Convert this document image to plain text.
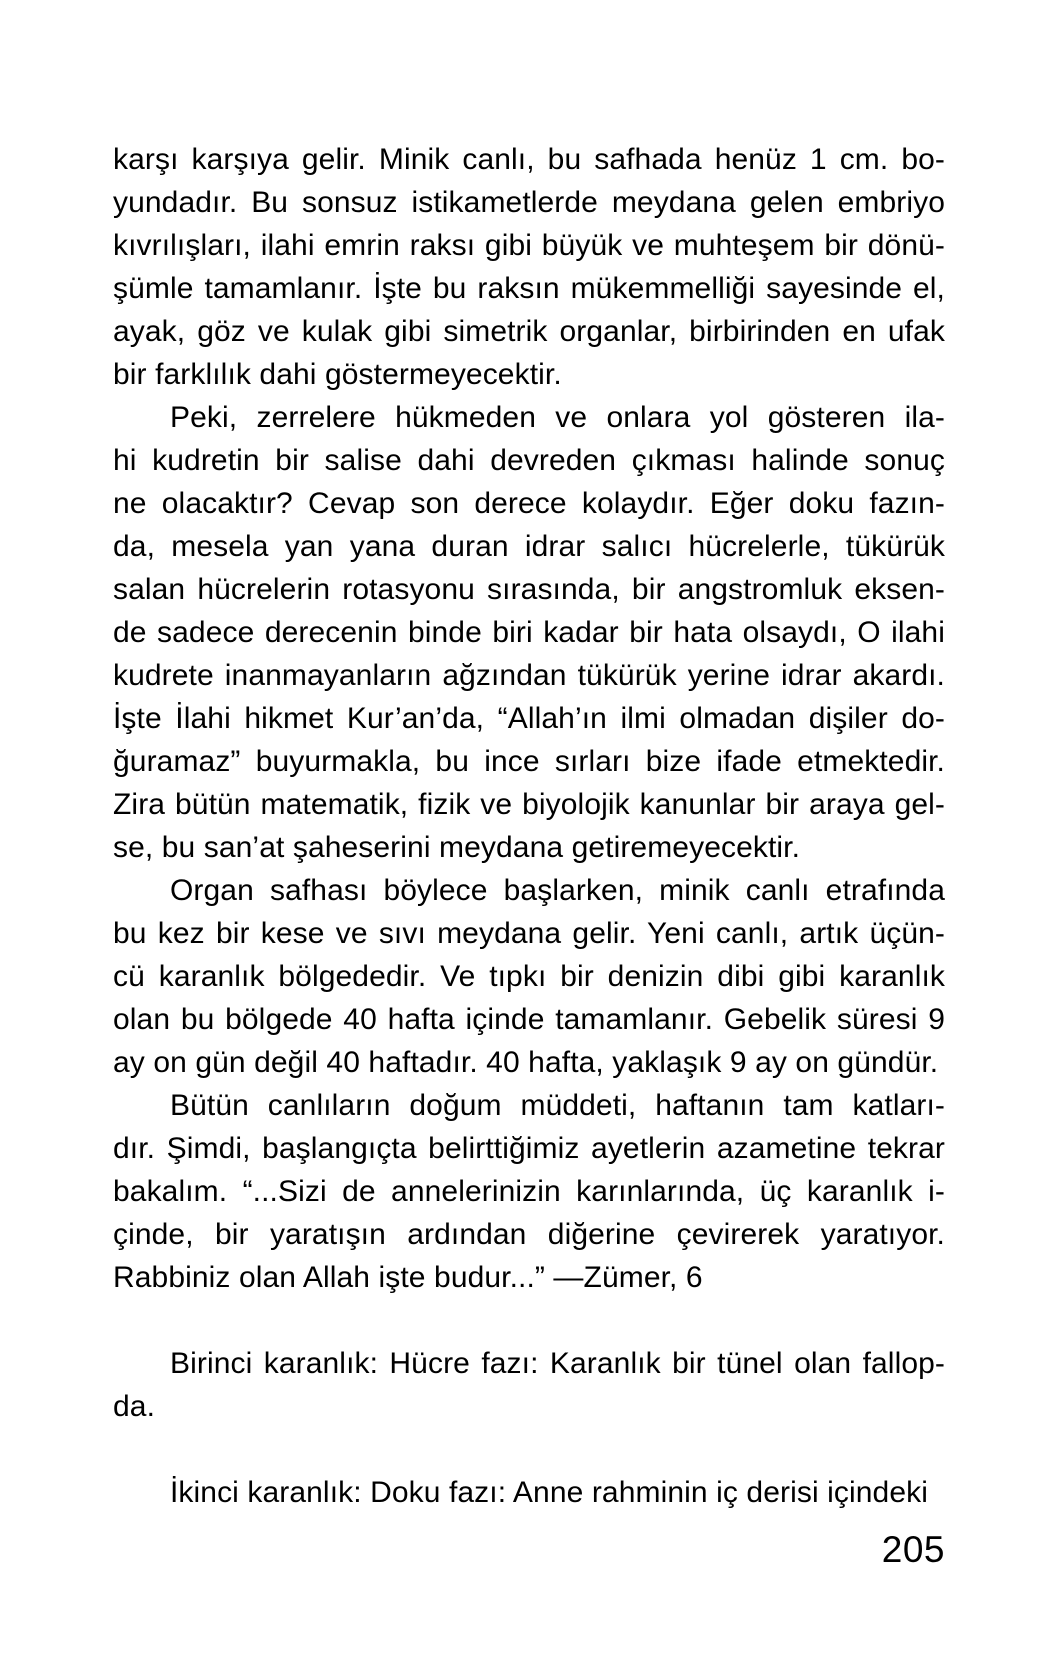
karşı karşıya gelir. Minik canlı, bu safhada henüz 1 cm. bo-
yundadır. Bu sonsuz istikametlerde meydana gelen embriyo
kıvrılışları, ilahi emrin raksı gibi büyük ve muhteşem bir dönü-
şümle tamamlanır. İşte bu raksın mükemmelliği sayesinde el,
ayak, göz ve kulak gibi simetrik organlar, birbirinden en ufak
bir farklılık dahi göstermeyecektir.
Peki, zerrelere hükmeden ve onlara yol gösteren ila-
hi kudretin bir salise dahi devreden çıkması halinde sonuç
ne olacaktır? Cevap son derece kolaydır. Eğer doku fazın-
da, mesela yan yana duran idrar salıcı hücrelerle, tükürük
salan hücrelerin rotasyonu sırasında, bir angstromluk eksen-
de sadece derecenin binde biri kadar bir hata olsaydı, O ilahi
kudrete inanmayanların ağzından tükürük yerine idrar akardı.
İşte İlahi hikmet Kur’an’da, “Allah’ın ilmi olmadan dişiler do-
ğuramaz” buyurmakla, bu ince sırları bize ifade etmektedir.
Zira bütün matematik, fizik ve biyolojik kanunlar bir araya gel-
se, bu san’at şaheserini meydana getiremeyecektir.
Organ safhası böylece başlarken, minik canlı etrafında
bu kez bir kese ve sıvı meydana gelir. Yeni canlı, artık üçün-
cü karanlık bölgededir. Ve tıpkı bir denizin dibi gibi karanlık
olan bu bölgede 40 hafta içinde tamamlanır. Gebelik süresi 9
ay on gün değil 40 haftadır. 40 hafta, yaklaşık 9 ay on gündür.
Bütün canlıların doğum müddeti, haftanın tam katları-
dır. Şimdi, başlangıçta belirttiğimiz ayetlerin azametine tekrar
bakalım. “...Sizi de annelerinizin karınlarında, üç karanlık i-
çinde, bir yaratışın ardından diğerine çevirerek yaratıyor.
Rabbiniz olan Allah işte budur...” —Zümer, 6
Birinci karanlık: Hücre fazı: Karanlık bir tünel olan fallop-
da.
İkinci karanlık: Doku fazı: Anne rahminin iç derisi içindeki
205
